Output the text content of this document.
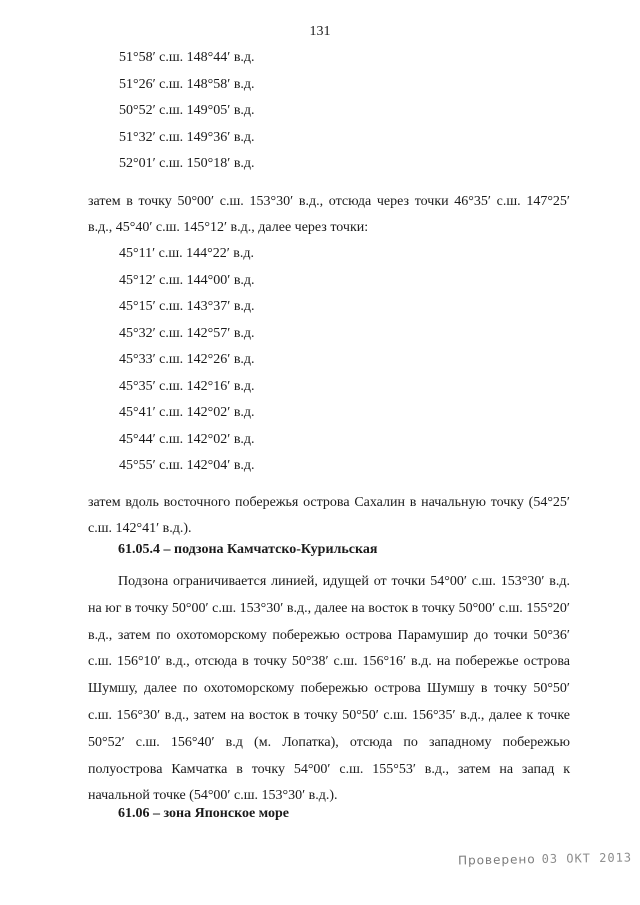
131
51°58′ с.ш. 148°44′ в.д.
51°26′ с.ш. 148°58′ в.д.
50°52′ с.ш. 149°05′ в.д.
51°32′ с.ш. 149°36′ в.д.
52°01′ с.ш. 150°18′ в.д.

затем в точку 50°00′ с.ш. 153°30′ в.д., отсюда через точки 46°35′ с.ш. 147°25′ в.д., 45°40′ с.ш. 145°12′ в.д., далее через точки:

45°11′ с.ш. 144°22′ в.д.
45°12′ с.ш. 144°00′ в.д.
45°15′ с.ш. 143°37′ в.д.
45°32′ с.ш. 142°57′ в.д.
45°33′ с.ш. 142°26′ в.д.
45°35′ с.ш. 142°16′ в.д.
45°41′ с.ш. 142°02′ в.д.
45°44′ с.ш. 142°02′ в.д.
45°55′ с.ш. 142°04′ в.д.

затем вдоль восточного побережья острова Сахалин в начальную точку (54°25′ с.ш. 142°41′ в.д.).

61.05.4 – подзона Камчатско-Курильская

Подзона ограничивается линией, идущей от точки 54°00′ с.ш. 153°30′ в.д. на юг в точку 50°00′ с.ш. 153°30′ в.д., далее на восток в точку 50°00′ с.ш. 155°20′ в.д., затем по охотоморскому побережью острова Парамушир до точки 50°36′ с.ш. 156°10′ в.д., отсюда в точку 50°38′ с.ш. 156°16′ в.д. на побережье острова Шумшу, далее по охотоморскому побережью острова Шумшу в точку 50°50′ с.ш. 156°30′ в.д., затем на восток в точку 50°50′ с.ш. 156°35′ в.д., далее к точке 50°52′ с.ш. 156°40′ в.д (м. Лопатка), отсюда по западному побережью полуострова Камчатка в точку 54°00′ с.ш. 155°53′ в.д., затем на запад к начальной точке (54°00′ с.ш. 153°30′ в.д.).

61.06 – зона Японское море
Проверено 03 ОКТ 2013
